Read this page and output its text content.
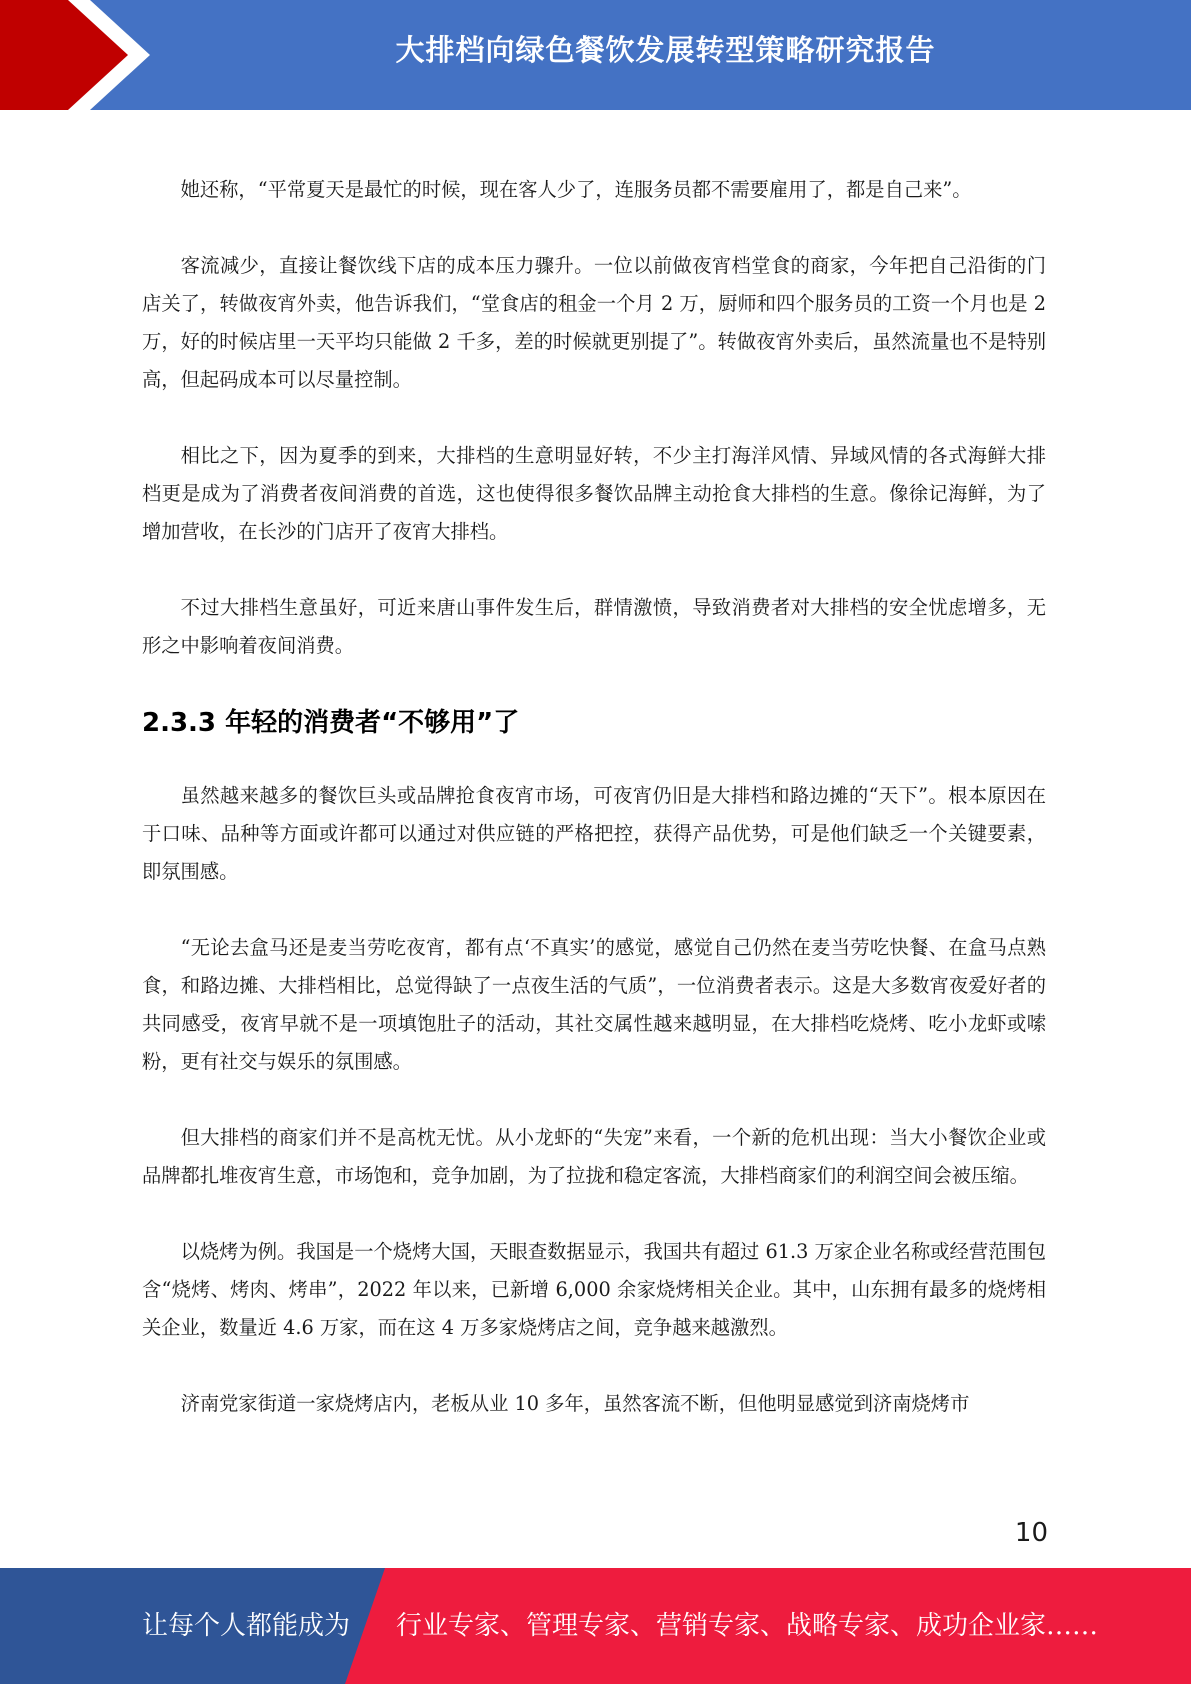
大排档向绿色餐饮发展转型策略研究报告

她还称，“平常夏天是最忙的时候，现在客人少了，连服务员都不需要雇用了，都是自己来”。

客流减少，直接让餐饮线下店的成本压力骤升。一位以前做夜宵档堂食的商家，今年把自己沿街的门店关了，转做夜宵外卖，他告诉我们，“堂食店的租金一个月 2 万，厨师和四个服务员的工资一个月也是 2 万，好的时候店里一天平均只能做 2 千多，差的时候就更别提了”。转做夜宵外卖后，虽然流量也不是特别高，但起码成本可以尽量控制。

相比之下，因为夏季的到来，大排档的生意明显好转，不少主打海洋风情、异域风情的各式海鲜大排档更是成为了消费者夜间消费的首选，这也使得很多餐饮品牌主动抢食大排档的生意。像徐记海鲜，为了增加营收，在长沙的门店开了夜宵大排档。

不过大排档生意虽好，可近来唐山事件发生后，群情激愤，导致消费者对大排档的安全忧虑增多，无形之中影响着夜间消费。

2.3.3 年轻的消费者“不够用”了

虽然越来越多的餐饮巨头或品牌抢食夜宵市场，可夜宵仍旧是大排档和路边摊的“天下”。根本原因在于口味、品种等方面或许都可以通过对供应链的严格把控，获得产品优势，可是他们缺乏一个关键要素，即氛围感。

“无论去盒马还是麦当劳吃夜宵，都有点‘不真实’的感觉，感觉自己仍然在麦当劳吃快餐、在盒马点熟食，和路边摊、大排档相比，总觉得缺了一点夜生活的气质”，一位消费者表示。这是大多数宵夜爱好者的共同感受，夜宵早就不是一项填饱肚子的活动，其社交属性越来越明显，在大排档吃烧烤、吃小龙虾或嗦粉，更有社交与娱乐的氛围感。

但大排档的商家们并不是高枕无忧。从小龙虾的“失宠”来看，一个新的危机出现：当大小餐饮企业或品牌都扎堆夜宵生意，市场饱和，竞争加剧，为了拉拢和稳定客流，大排档商家们的利润空间会被压缩。

以烧烤为例。我国是一个烧烤大国，天眼查数据显示，我国共有超过 61.3 万家企业名称或经营范围包含“烧烤、烤肉、烤串”，2022 年以来，已新增 6,000 余家烧烤相关企业。其中，山东拥有最多的烧烤相关企业，数量近 4.6 万家，而在这 4 万多家烧烤店之间，竞争越来越激烈。

济南党家街道一家烧烤店内，老板从业 10 多年，虽然客流不断，但他明显感觉到济南烧烤市

10
让每个人都能成为 行业专家、管理专家、营销专家、战略专家、成功企业家……
